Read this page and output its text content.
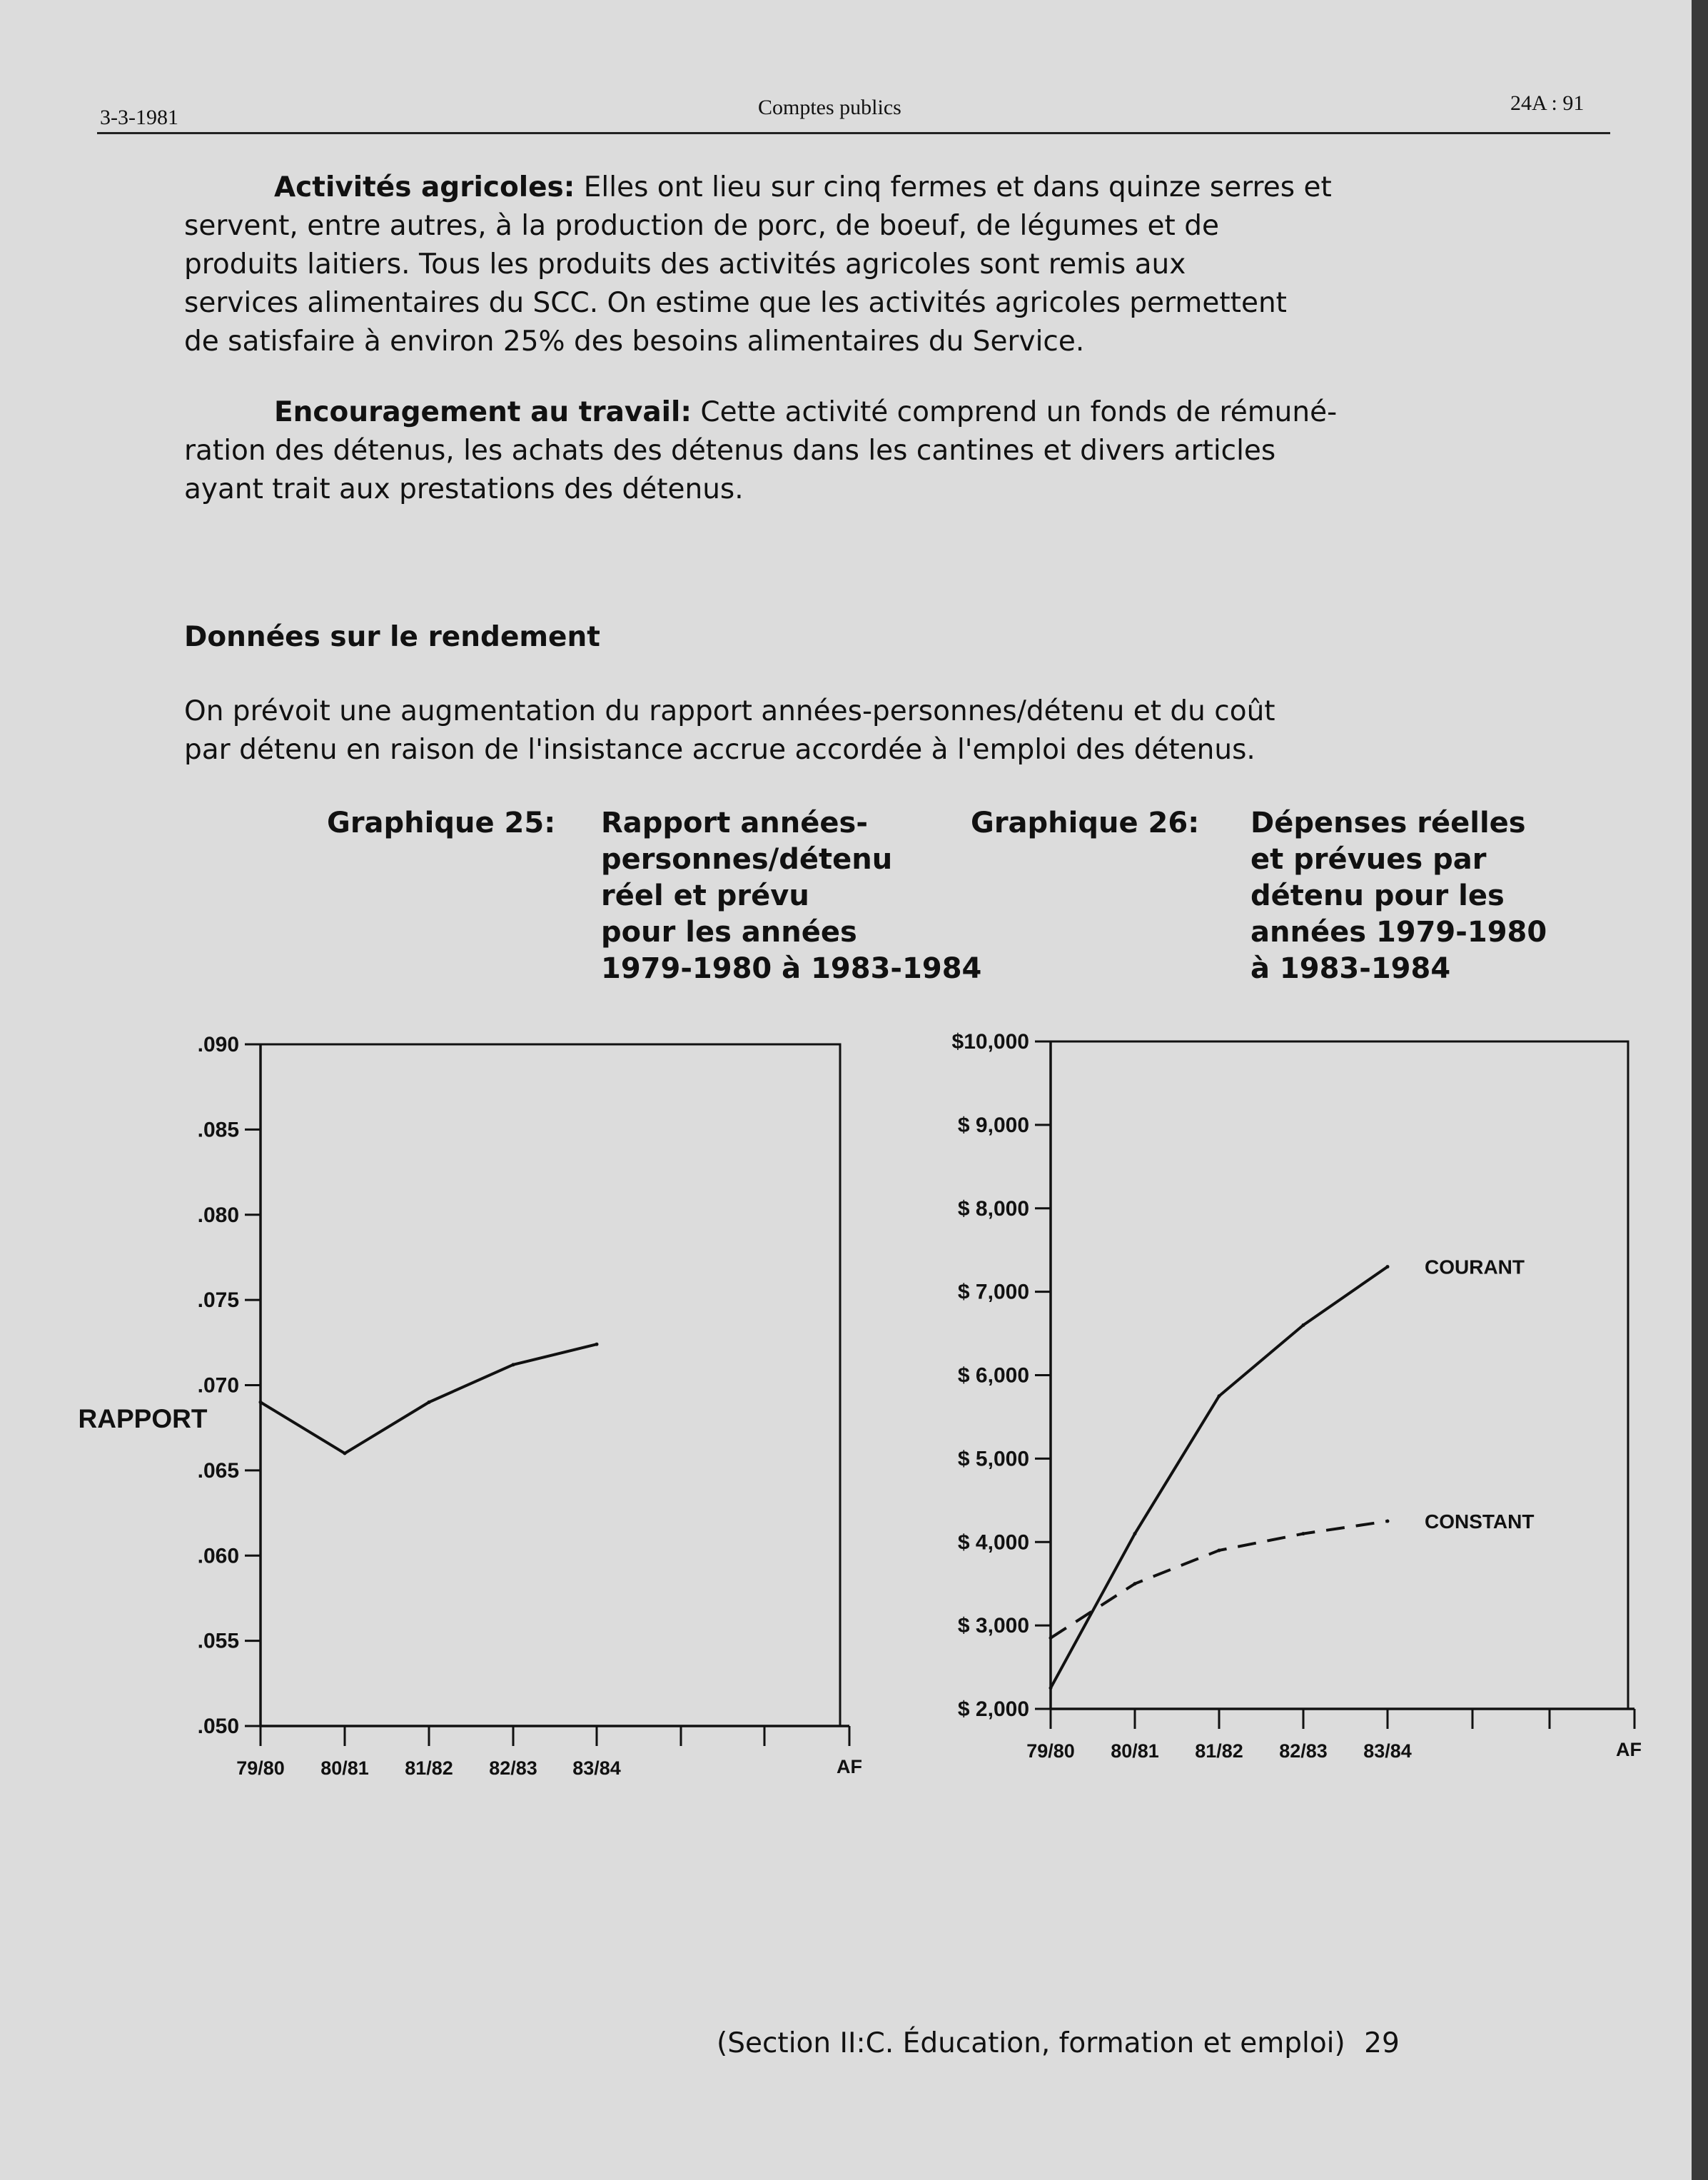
3-3-1981	Comptes publics	24A : 91
Activités agricoles: Elles ont lieu sur cinq fermes et dans quinze serres et
servent, entre autres, à la production de porc, de boeuf, de légumes et de
produits laitiers. Tous les produits des activités agricoles sont remis aux
services alimentaires du SCC. On estime que les activités agricoles permettent
de satisfaire à environ 25% des besoins alimentaires du Service.
Encouragement au travail: Cette activité comprend un fonds de rémuné-
ration des détenus, les achats des détenus dans les cantines et divers articles
ayant trait aux prestations des détenus.
Données sur le rendement
On prévoit une augmentation du rapport années-personnes/détenu et du coût
par détenu en raison de l'insistance accrue accordée à l'emploi des détenus.
Graphique 25: Rapport années-
personnes/détenu
réel et prévu
pour les années
1979-1980 à 1983-1984
Graphique 26: Dépenses réelles
et prévues par
détenu pour les
années 1979-1980
à 1983-1984
.090
.085
.080
.075
.070
.065
.060
.055
.050
79/80 80/81 81/82 82/83 83/84	AF
RAPPORT
$10,000
$ 9,000
$ 8,000
$ 7,000
$ 6,000
$ 5,000
$ 4,000
$ 3,000
$ 2,000
79/80 80/81 81/82 82/83 83/84	AF
COURANT
CONSTANT
(Section II:C. Éducation, formation et emploi) 29
